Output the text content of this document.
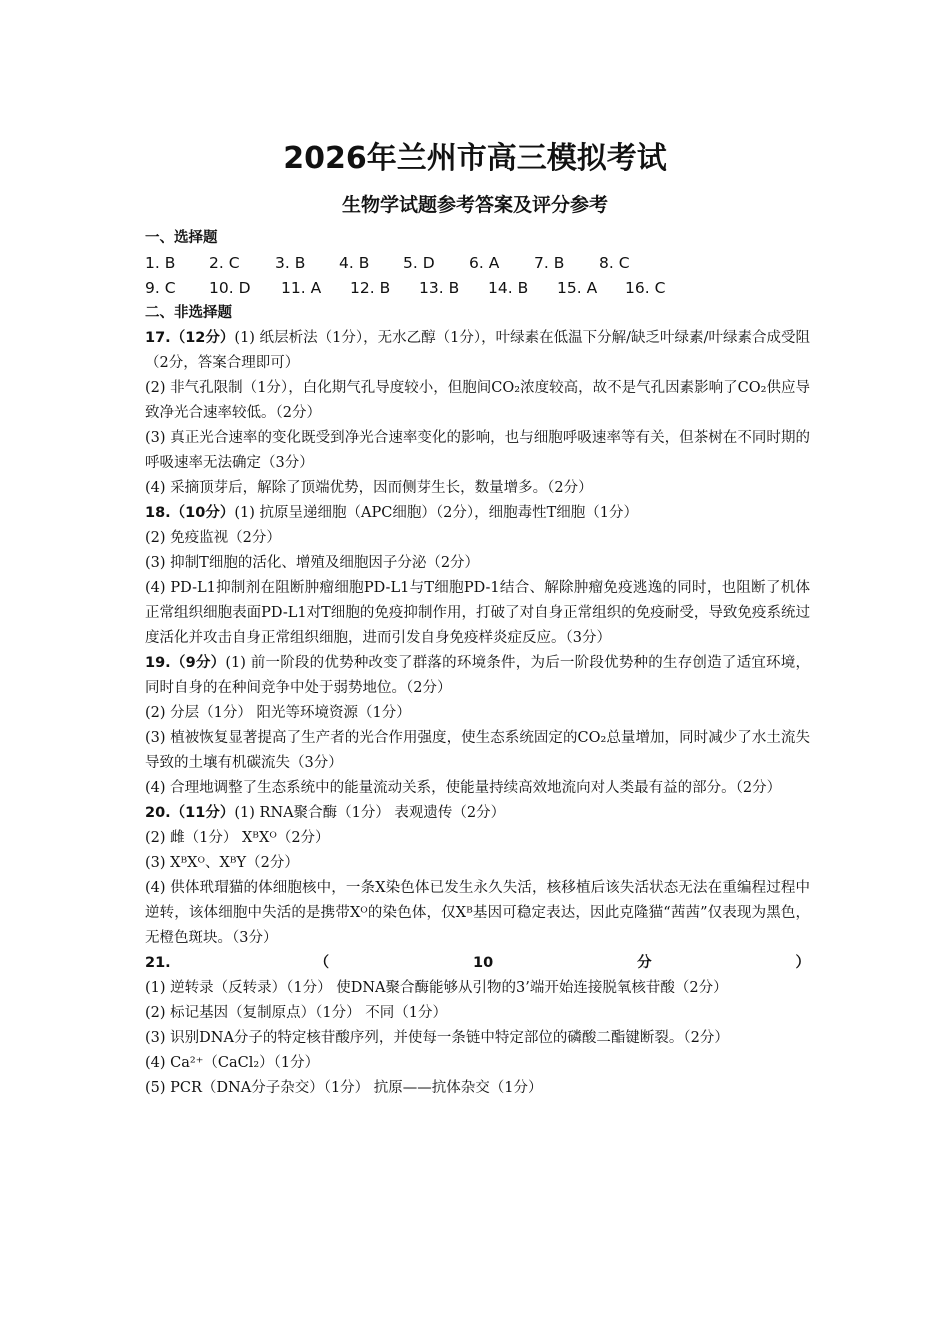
2026年兰州市高三模拟考试
生物学试题参考答案及评分参考
一、选择题
1. B 2. C 3. B 4. B 5. D 6. A 7. B 8. C
9. C 10. D 11. A 12. B 13. B 14. B 15. A 16. C
二、非选择题

17.（12分）(1) 纸层析法（1分），无水乙醇（1分），叶绿素在低温下分解/缺乏叶绿素/叶绿素合成受阻（2分，答案合理即可）

(2) 非气孔限制（1分），白化期气孔导度较小，但胞间CO₂浓度较高，故不是气孔因素影响了CO₂供应导致净光合速率较低。（2分）

(3) 真正光合速率的变化既受到净光合速率变化的影响，也与细胞呼吸速率等有关，但茶树在不同时期的呼吸速率无法确定（3分）

(4) 采摘顶芽后，解除了顶端优势，因而侧芽生长，数量增多。（2分）

18.（10分）(1) 抗原呈递细胞（APC细胞）（2分），细胞毒性T细胞（1分）

(2) 免疫监视（2分）

(3) 抑制T细胞的活化、增殖及细胞因子分泌（2分）

(4) PD-L1抑制剂在阻断肿瘤细胞PD-L1与T细胞PD-1结合、解除肿瘤免疫逃逸的同时，也阻断了机体正常组织细胞表面PD-L1对T细胞的免疫抑制作用，打破了对自身正常组织的免疫耐受，导致免疫系统过度活化并攻击自身正常组织细胞，进而引发自身免疫样炎症反应。（3分）

19.（9分）(1) 前一阶段的优势种改变了群落的环境条件，为后一阶段优势种的生存创造了适宜环境，同时自身的在种间竞争中处于弱势地位。（2分）

(2) 分层（1分） 阳光等环境资源（1分）

(3) 植被恢复显著提高了生产者的光合作用强度，使生态系统固定的CO₂总量增加，同时减少了水土流失导致的土壤有机碳流失（3分）

(4) 合理地调整了生态系统中的能量流动关系，使能量持续高效地流向对人类最有益的部分。（2分）

20.（11分）(1) RNA聚合酶（1分） 表观遗传（2分）

(2) 雌（1分） XᴮXᴼ（2分）

(3) XᴮXᴼ、XᴮY（2分）

(4) 供体玳瑁猫的体细胞核中，一条X染色体已发生永久失活，核移植后该失活状态无法在重编程过程中逆转，该体细胞中失活的是携带Xᴼ的染色体，仅Xᴮ基因可稳定表达，因此克隆猫“茜茜”仅表现为黑色，无橙色斑块。（3分）

21.（10分）(1) 逆转录（反转录）（1分） 使DNA聚合酶能够从引物的3’端开始连接脱氧核苷酸（2分）

(2) 标记基因（复制原点）（1分） 不同（1分）

(3) 识别DNA分子的特定核苷酸序列，并使每一条链中特定部位的磷酸二酯键断裂。（2分）

(4) Ca²⁺（CaCl₂）（1分）

(5) PCR（DNA分子杂交）（1分） 抗原——抗体杂交（1分）
